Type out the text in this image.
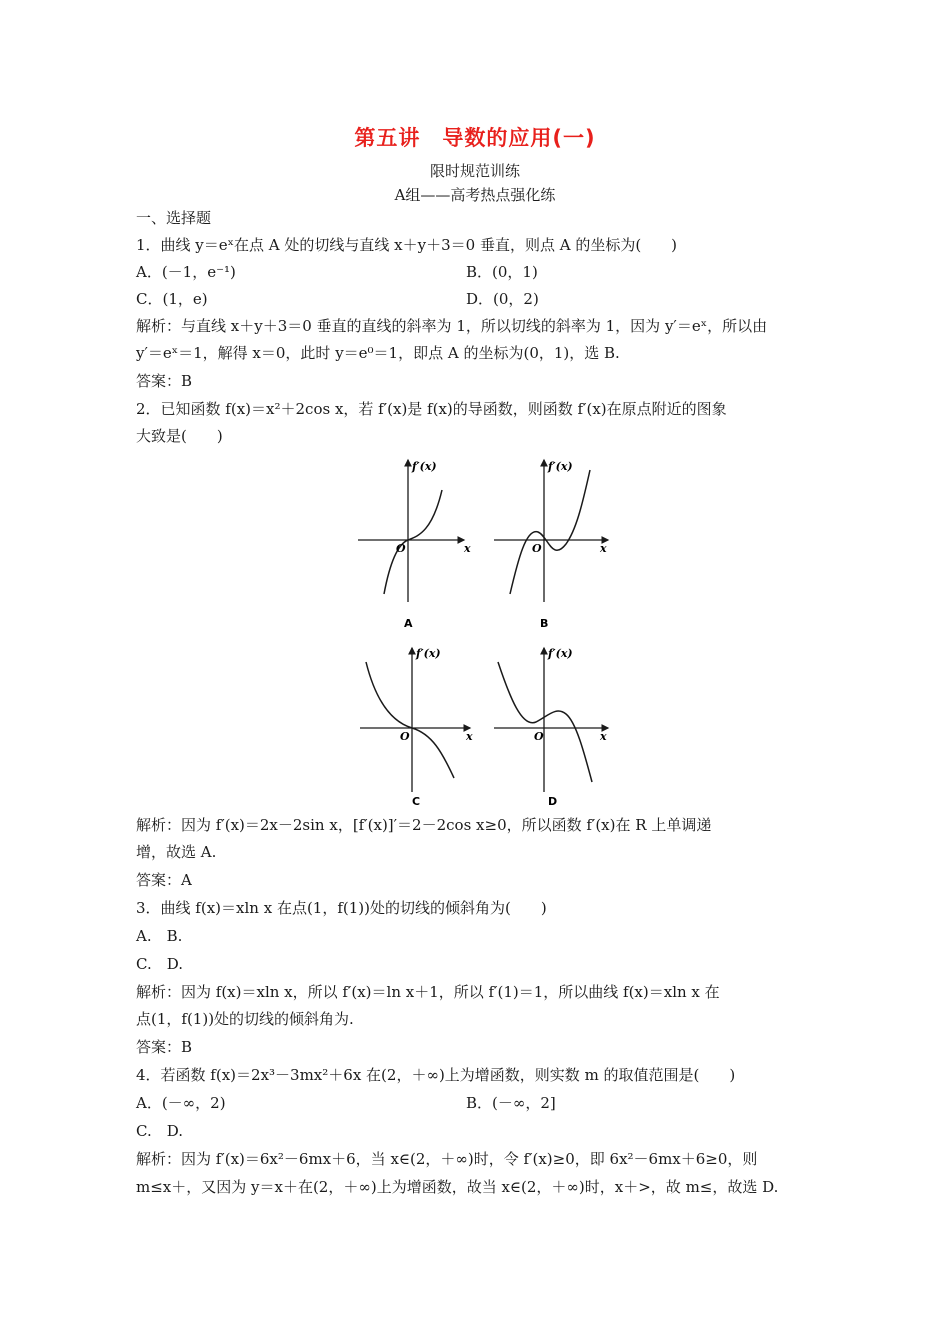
第五讲　导数的应用(一)
限时规范训练
A组——高考热点强化练
一、选择题
1．曲线 y＝eˣ在点 A 处的切线与直线 x＋y＋3＝0 垂直，则点 A 的坐标为(　　)
A．(－1，e⁻¹)	B．(0，1)
C．(1，e)	D．(0，2)
解析：与直线 x＋y＋3＝0 垂直的直线的斜率为 1，所以切线的斜率为 1，因为 y′＝eˣ，所以由
y′＝eˣ＝1，解得 x＝0，此时 y＝e⁰＝1，即点 A 的坐标为(0，1)，选 B.
答案：B
2．已知函数 f(x)＝x²＋2cos x，若 f′(x)是 f(x)的导函数，则函数 f′(x)在原点附近的图象
大致是(　　)
f′(x)
x
O
A
f′(x)
x
O
B
f′(x)
x
O
C
f′(x)
x
O
D
解析：因为 f′(x)＝2x－2sin x，[f′(x)]′＝2－2cos x≥0，所以函数 f′(x)在 R 上单调递
增，故选 A.
答案：A
3．曲线 f(x)＝xln x 在点(1，f(1))处的切线的倾斜角为(　　)
A.　B.
C.　D.
解析：因为 f(x)＝xln x，所以 f′(x)＝ln x＋1，所以 f′(1)＝1，所以曲线 f(x)＝xln x 在
点(1，f(1))处的切线的倾斜角为.
答案：B
4．若函数 f(x)＝2x³－3mx²＋6x 在(2，＋∞)上为增函数，则实数 m 的取值范围是(　　)
A．(－∞，2)	B．(－∞，2]
C.　D.
解析：因为 f′(x)＝6x²－6mx＋6，当 x∈(2，＋∞)时，令 f′(x)≥0，即 6x²－6mx＋6≥0，则
m≤x＋，又因为 y＝x＋在(2，＋∞)上为增函数，故当 x∈(2，＋∞)时，x＋>，故 m≤，故选 D.
